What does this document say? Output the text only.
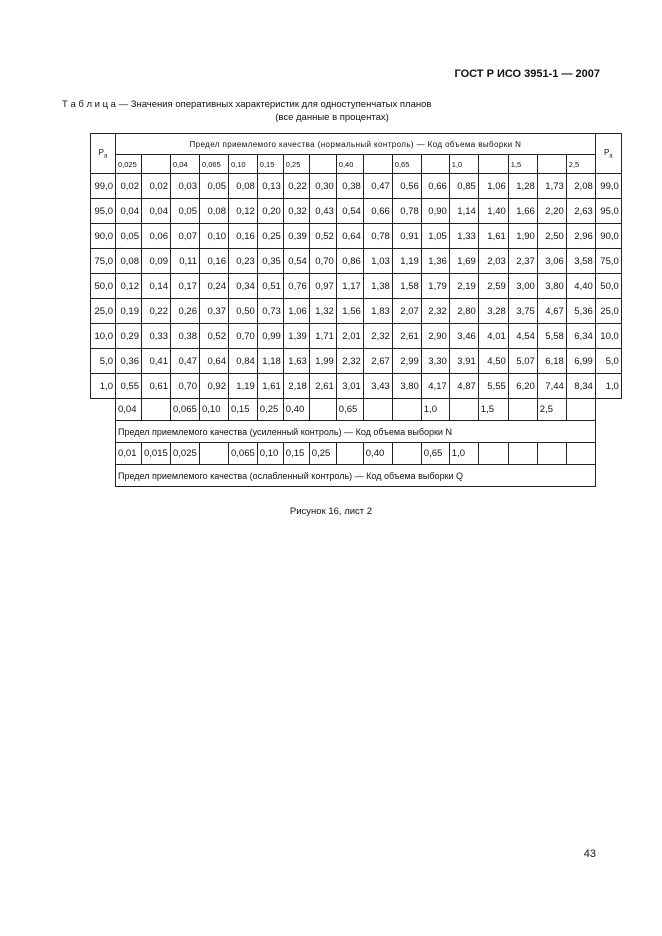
ГОСТ Р ИСО 3951-1 — 2007
Т а б л и ц а — Значения оперативных характеристик для одноступенчатых планов
(все данные в процентах)
$P_a$	Предел приемлемого качества (нормальный контроль) — Код объема выборки N																	$P_a$
	0,025		0,04	0,065	0,10	0,15	0,25		0,40		0,65		1,0		1,5		2,5	
99,0	0,02	0,02	0,03	0,05	0,08	0,13	0,22	0,30	0,38	0,47	0,56	0,66	0,85	1,06	1,28	1,73	2,08	99,0
95,0	0,04	0,04	0,05	0,08	0,12	0,20	0,32	0,43	0,54	0,66	0,78	0,90	1,14	1,40	1,66	2,20	2,63	95,0
90,0	0,05	0,06	0,07	0,10	0,16	0,25	0,39	0,52	0,64	0,78	0,91	1,05	1,33	1,61	1,90	2,50	2,96	90,0
75,0	0,08	0,09	0,11	0,16	0,23	0,35	0,54	0,70	0,86	1,03	1,19	1,36	1,69	2,03	2,37	3,06	3,58	75,0
50,0	0,12	0,14	0,17	0,24	0,34	0,51	0,76	0,97	1,17	1,38	1,58	1,79	2,19	2,59	3,00	3,80	4,40	50,0
25,0	0,19	0,22	0,26	0,37	0,50	0,73	1,06	1,32	1,56	1,83	2,07	2,32	2,80	3,28	3,75	4,67	5,36	25,0
10,0	0,29	0,33	0,38	0,52	0,70	0,99	1,39	1,71	2,01	2,32	2,61	2,90	3,46	4,01	4,54	5,58	6,34	10,0
5,0	0,36	0,41	0,47	0,64	0,84	1,18	1,63	1,99	2,32	2,67	2,99	3,30	3,91	4,50	5,07	6,18	6,99	5,0
1,0	0,55	0,61	0,70	0,92	1,19	1,61	2,18	2,61	3,01	3,43	3,80	4,17	4,87	5,55	6,20	7,44	8,34	1,0
	0,04		0,065	0,10	0,15	0,25	0,40		0,65			1,0		1,5		2,5		
	Предел приемлемого качества (усиленный контроль) — Код объема выборки N																	
	0,01	0,015	0,025		0,065	0,10	0,15	0,25		0,40		0,65	1,0					
	Предел приемлемого качества (ослабленный контроль) — Код объема выборки Q																	
Рисунок 16, лист 2
43
